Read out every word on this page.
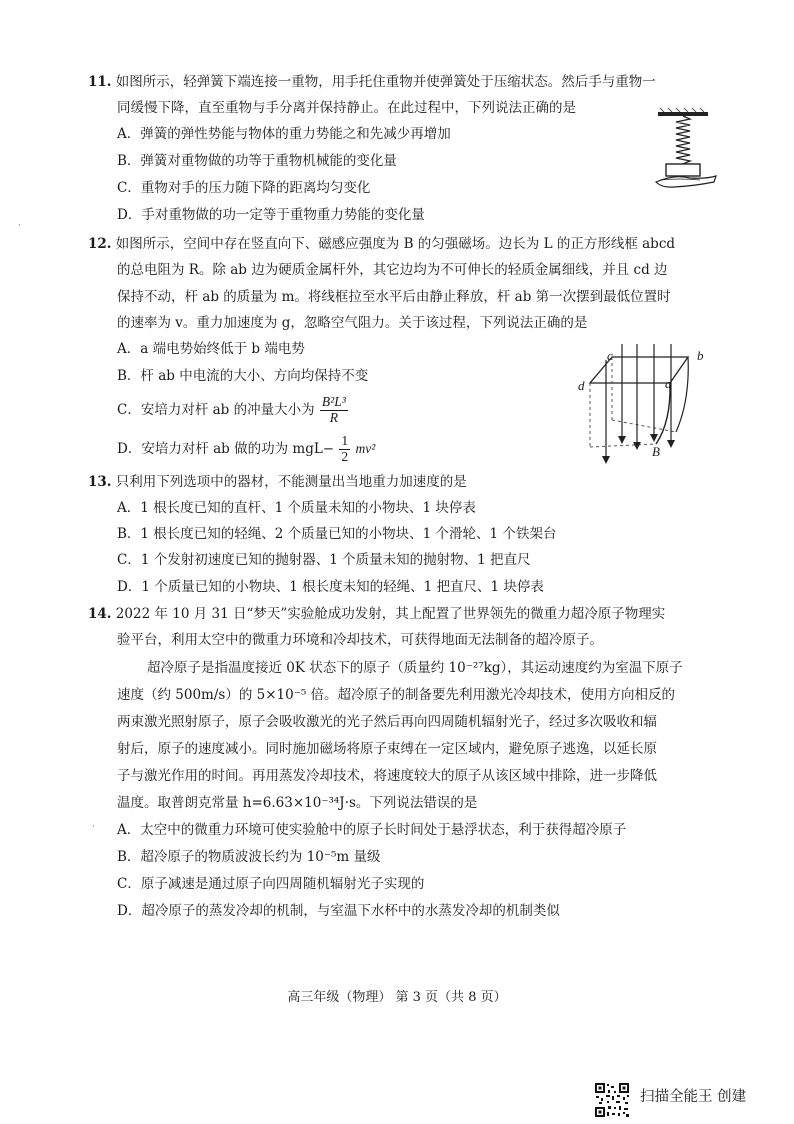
11. 如图所示，轻弹簧下端连接一重物，用手托住重物并使弹簧处于压缩状态。然后手与重物一
同缓慢下降，直至重物与手分离并保持静止。在此过程中，下列说法正确的是
A．弹簧的弹性势能与物体的重力势能之和先减少再增加
B．弹簧对重物做的功等于重物机械能的变化量
C．重物对手的压力随下降的距离均匀变化
D．手对重物做的功一定等于重物重力势能的变化量
12. 如图所示，空间中存在竖直向下、磁感应强度为 B 的匀强磁场。边长为 L 的正方形线框 abcd
的总电阻为 R。除 ab 边为硬质金属杆外，其它边均为不可伸长的轻质金属细线，并且 cd 边
保持不动，杆 ab 的质量为 m。将线框拉至水平后由静止释放，杆 ab 第一次摆到最低位置时
的速率为 v。重力加速度为 g，忽略空气阻力。关于该过程，下列说法正确的是
A．a 端电势始终低于 b 端电势
B．杆 ab 中电流的大小、方向均保持不变
C．安培力对杆 ab 的冲量大小为 $\frac{\text{B²L³}}{R}$
D．安培力对杆 ab 做的功为 $mgL- \frac{1}{2} mv^2$
c	b
d	a
B
13. 只利用下列选项中的器材，不能测量出当地重力加速度的是
A．1 根长度已知的直杆、1 个质量未知的小物块、1 块停表
B．1 根长度已知的轻绳、2 个质量已知的小物块、1 个滑轮、1 个铁架台
C．1 个发射初速度已知的抛射器、1 个质量未知的抛射物、1 把直尺
D．1 个质量已知的小物块、1 根长度未知的轻绳、1 把直尺、1 块停表
14. 2022 年 10 月 31 日“梦天”实验舱成功发射，其上配置了世界领先的微重力超冷原子物理实
验平台，利用太空中的微重力环境和冷却技术，可获得地面无法制备的超冷原子。
超冷原子是指温度接近 0K 状态下的原子（质量约 10⁻²⁷kg），其运动速度约为室温下原子
速度（约 500m/s）的 5×10⁻⁵ 倍。超冷原子的制备要先利用激光冷却技术，使用方向相反的
两束激光照射原子，原子会吸收激光的光子然后再向四周随机辐射光子，经过多次吸收和辐
射后，原子的速度减小。同时施加磁场将原子束缚在一定区域内，避免原子逃逸，以延长原
子与激光作用的时间。再用蒸发冷却技术，将速度较大的原子从该区域中排除，进一步降低
温度。取普朗克常量 h=6.63×10⁻³⁴J·s。下列说法错误的是
A．太空中的微重力环境可使实验舱中的原子长时间处于悬浮状态，利于获得超冷原子
B．超冷原子的物质波波长约为 10⁻⁵m 量级
C．原子减速是通过原子向四周随机辐射光子实现的
D．超冷原子的蒸发冷却的机制，与室温下水杯中的水蒸发冷却的机制类似
·
·
高三年级（物理） 第 3 页（共 8 页）
扫描全能王 创建
